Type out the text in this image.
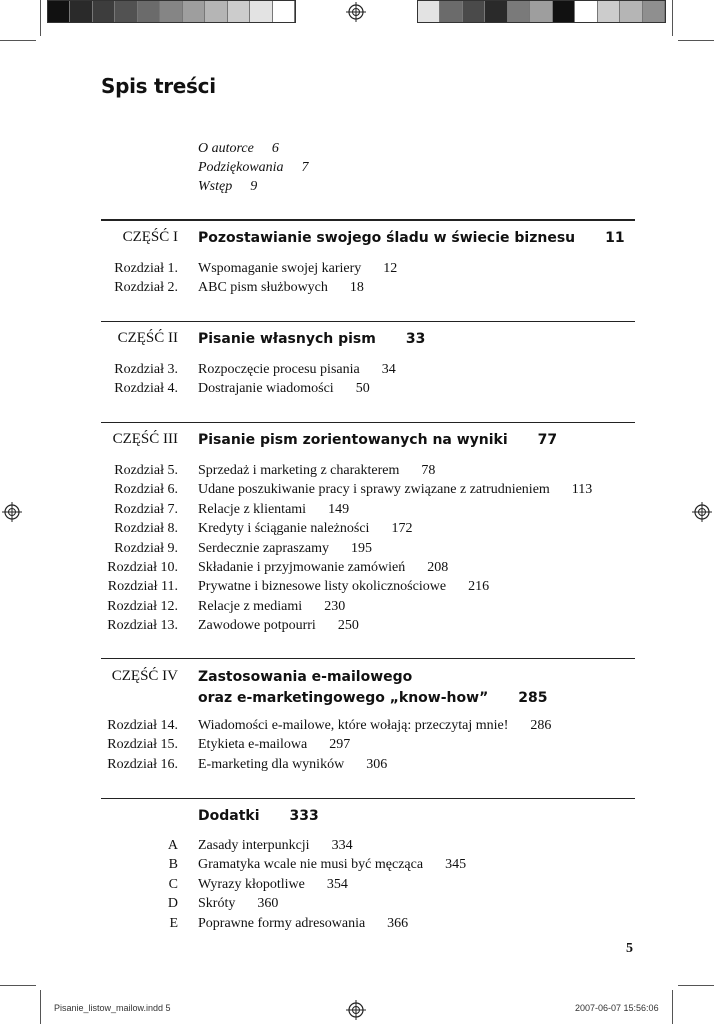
Spis treści
O autorce 6
Podziękowania 7
Wstęp 9
CZĘŚĆ I Pozostawianie swojego śladu w świecie biznesu 11
Rozdział 1. Wspomaganie swojej kariery 12
Rozdział 2. ABC pism służbowych 18
CZĘŚĆ II Pisanie własnych pism 33
Rozdział 3. Rozpoczęcie procesu pisania 34
Rozdział 4. Dostrajanie wiadomości 50
CZĘŚĆ III Pisanie pism zorientowanych na wyniki 77
Rozdział 5. Sprzedaż i marketing z charakterem 78
Rozdział 6. Udane poszukiwanie pracy i sprawy związane z zatrudnieniem 113
Rozdział 7. Relacje z klientami 149
Rozdział 8. Kredyty i ściąganie należności 172
Rozdział 9. Serdecznie zapraszamy 195
Rozdział 10. Składanie i przyjmowanie zamówień 208
Rozdział 11. Prywatne i biznesowe listy okolicznościowe 216
Rozdział 12. Relacje z mediami 230
Rozdział 13. Zawodowe potpourri 250
CZĘŚĆ IV Zastosowania e-mailowego
oraz e-marketingowego „know-how” 285
Rozdział 14. Wiadomości e-mailowe, które wołają: przeczytaj mnie! 286
Rozdział 15. Etykieta e-mailowa 297
Rozdział 16. E-marketing dla wyników 306
Dodatki 333
A Zasady interpunkcji 334
B Gramatyka wcale nie musi być męcząca 345
C Wyrazy kłopotliwe 354
D Skróty 360
E Poprawne formy adresowania 366
5
Pisanie_listow_mailow.indd 5	2007-06-07 15:56:06
